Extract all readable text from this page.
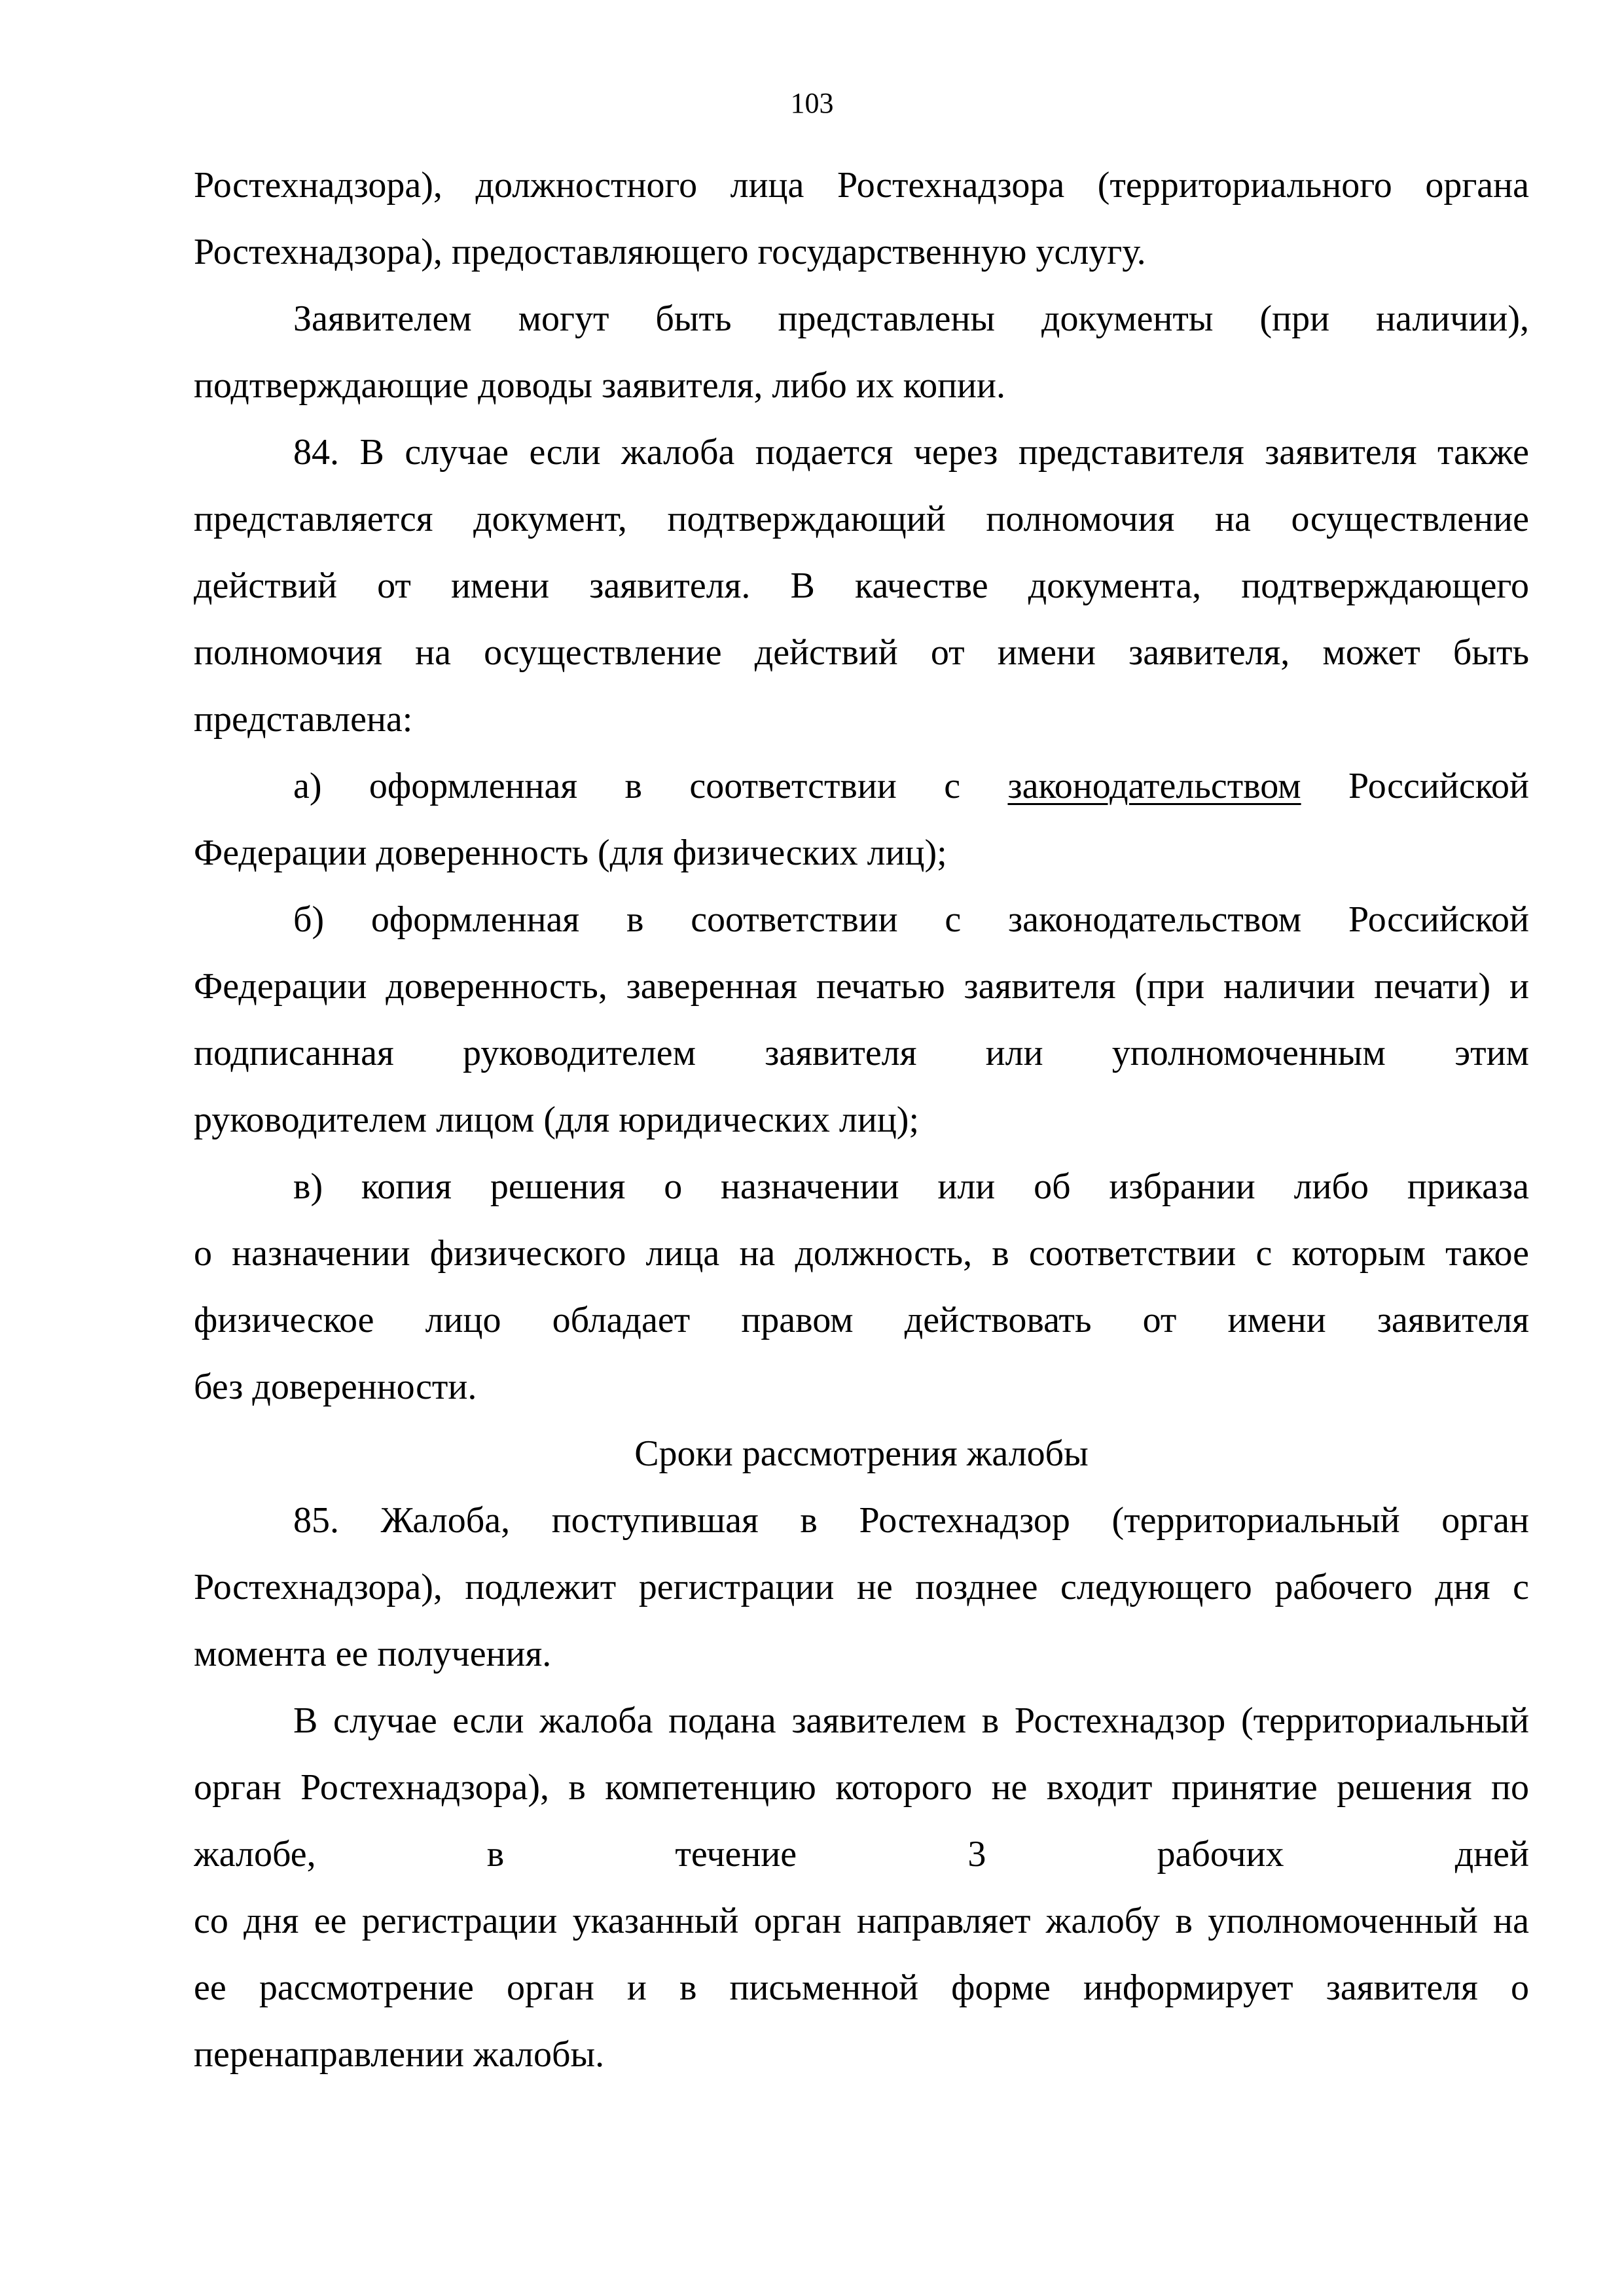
103
Ростехнадзора), должностного лица Ростехнадзора (территориального органа
Ростехнадзора), предоставляющего государственную услугу.
Заявителем могут быть представлены документы (при наличии),
подтверждающие доводы заявителя, либо их копии.
84. В случае если жалоба подается через представителя заявителя также
представляется документ, подтверждающий полномочия на осуществление
действий от имени заявителя. В качестве документа, подтверждающего
полномочия на осуществление действий от имени заявителя, может быть
представлена:
а) оформленная в соответствии с законодательством Российской
Федерации доверенность (для физических лиц);
б) оформленная в соответствии с законодательством Российской
Федерации доверенность, заверенная печатью заявителя (при наличии печати) и
подписанная руководителем заявителя или уполномоченным этим
руководителем лицом (для юридических лиц);
в) копия решения о назначении или об избрании либо приказа
о назначении физического лица на должность, в соответствии с которым такое
физическое лицо обладает правом действовать от имени заявителя
без доверенности.
Сроки рассмотрения жалобы
85. Жалоба, поступившая в Ростехнадзор (территориальный орган
Ростехнадзора), подлежит регистрации не позднее следующего рабочего дня с
момента ее получения.
В случае если жалоба подана заявителем в Ростехнадзор (территориальный
орган Ростехнадзора), в компетенцию которого не входит принятие решения по
жалобе, в течение 3 рабочих дней
со дня ее регистрации указанный орган направляет жалобу в уполномоченный на
ее рассмотрение орган и в письменной форме информирует заявителя о
перенаправлении жалобы.
